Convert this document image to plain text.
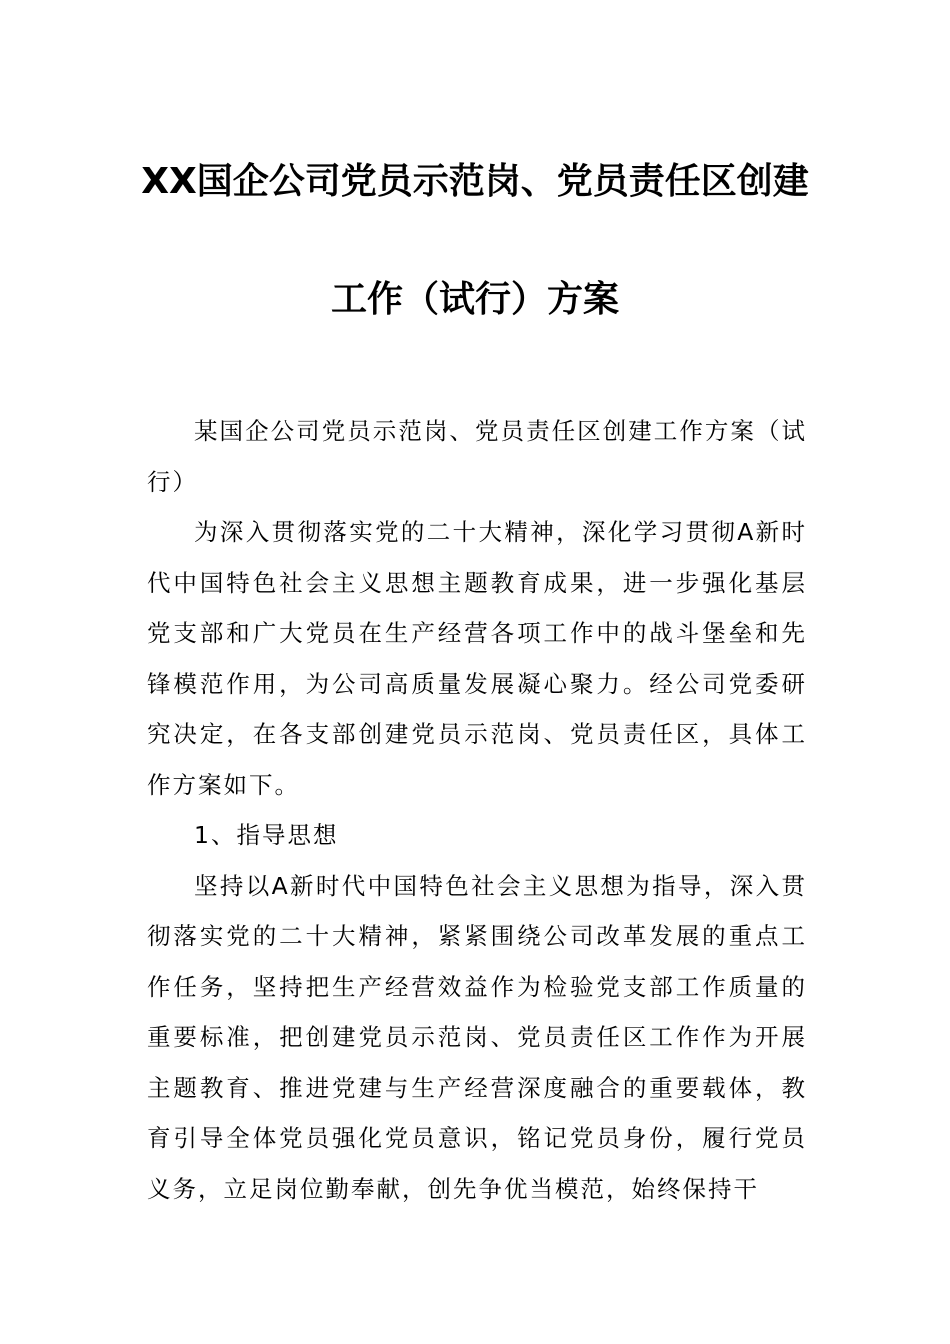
XX国企公司党员示范岗、党员责任区创建
工作（试行）方案

某国企公司党员示范岗、党员责任区创建工作方案（试行）

为深入贯彻落实党的二十大精神，深化学习贯彻A新时代中国特色社会主义思想主题教育成果，进一步强化基层党支部和广大党员在生产经营各项工作中的战斗堡垒和先锋模范作用，为公司高质量发展凝心聚力。经公司党委研究决定，在各支部创建党员示范岗、党员责任区，具体工作方案如下。

1、指导思想

坚持以A新时代中国特色社会主义思想为指导，深入贯彻落实党的二十大精神，紧紧围绕公司改革发展的重点工作任务，坚持把生产经营效益作为检验党支部工作质量的重要标准，把创建党员示范岗、党员责任区工作作为开展主题教育、推进党建与生产经营深度融合的重要载体，教育引导全体党员强化党员意识，铭记党员身份，履行党员义务，立足岗位勤奉献，创先争优当模范，始终保持干
